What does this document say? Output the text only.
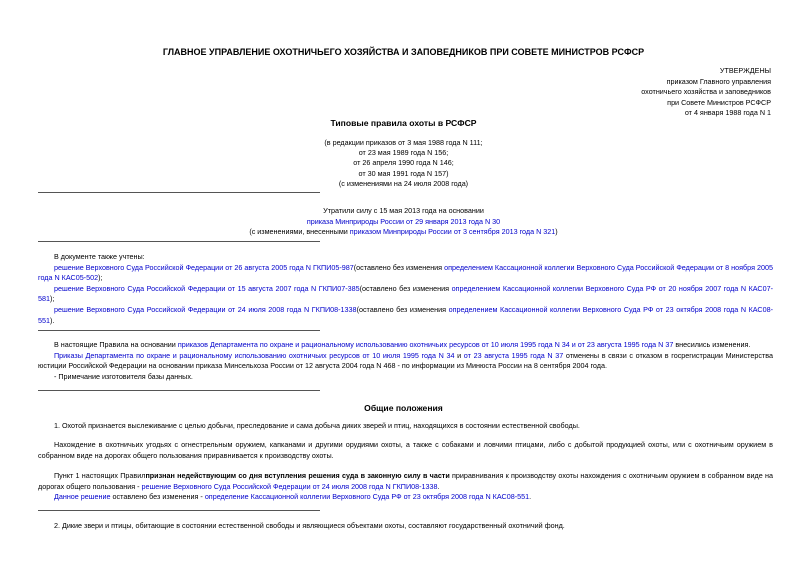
ГЛАВНОЕ УПРАВЛЕНИЕ ОХОТНИЧЬЕГО ХОЗЯЙСТВА И ЗАПОВЕДНИКОВ ПРИ СОВЕТЕ МИНИСТРОВ РСФСР
УТВЕРЖДЕНЫ
приказом Главного управления
охотничьего хозяйства и заповедников
при Совете Министров РСФСР
от 4 января 1988 года N 1
Типовые правила охоты в РСФСР
(в редакции приказов от 3 мая 1988 года N 111;
от 23 мая 1989 года N 156;
от 26 апреля 1990 года N 146;
от 30 мая 1991 года N 157)
(с изменениями на 24 июля 2008 года)
Утратили силу с 15 мая 2013 года на основании
приказа Минприроды России от 29 января 2013 года N 30
(с изменениями, внесенными приказом Минприроды России от 3 сентября 2013 года N 321)
В документе также учтены:
решение Верховного Суда Российской Федерации от 26 августа 2005 года N ГКПИ05-987(оставлено без изменения определением Кассационной коллегии Верховного Суда Российской Федерации от 8 ноября 2005 года N КАС05-502);
решение Верховного Суда Российской Федерации от 15 августа 2007 года N ГКПИ07-385(оставлено без изменения определением Кассационной коллегии Верховного Суда РФ от 20 ноября 2007 года N КАС07-581);
решение Верховного Суда Российской Федерации от 24 июля 2008 года N ГКПИ08-1338(оставлено без изменения определением Кассационной коллегии Верховного Суда РФ от 23 октября 2008 года N КАС08-551).
В настоящие Правила на основании приказов Департамента по охране и рациональному использованию охотничьих ресурсов от 10 июля 1995 года N 34 и от 23 августа 1995 года N 37 внесились изменения.
Приказы Департамента по охране и рациональному использованию охотничьих ресурсов от 10 июля 1995 года N 34 и от 23 августа 1995 года N 37 отменены в связи с отказом в госрегистрации Министерства юстиции Российской Федерации на основании приказа Минсельхоза России от 12 августа 2004 года N 468 - по информации из Минюста России на 8 сентября 2004 года.
- Примечание изготовителя базы данных.
Общие положения
1. Охотой признается выслеживание с целью добычи, преследование и сама добыча диких зверей и птиц, находящихся в состоянии естественной свободы.
Нахождение в охотничьих угодьях с огнестрельным оружием, капканами и другими орудиями охоты, а также с собаками и ловчими птицами, либо с добытой продукцией охоты, или с охотничьим оружием в собранном виде на дорогах общего пользования приравнивается к производству охоты.
Пункт 1 настоящих Правилпризнан недействующим со дня вступления решения суда в законную силу в части приравнивания к производству охоты нахождения с охотничьим оружием в собранном виде на дорогах общего пользования - решение Верховного Суда Российской Федерации от 24 июля 2008 года N ГКПИ08-1338.
Данное решение оставлено без изменения - определение Кассационной коллегии Верховного Суда РФ от 23 октября 2008 года N КАС08-551.
2. Дикие звери и птицы, обитающие в состоянии естественной свободы и являющиеся объектами охоты, составляют государственный охотничий фонд.
